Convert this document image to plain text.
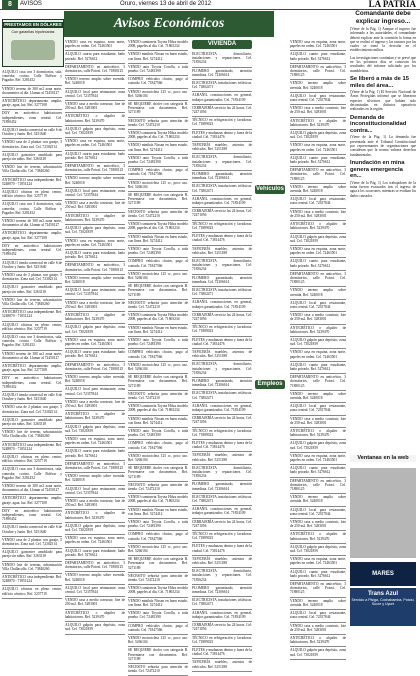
8	AVISOS	Oruro, viernes 13 de abril de 2012	LA PATRIA
Avisos Económicos
PRESTAMOS EN DÓLARES
Con garantías hipotecarias
ALQUILO casa con 3 dormitorios, sala, comedor, cocina. Calle Bolívar y Pagador. Ref. 5281452
VENDO terreno de 300 m2 zona norte, documentos al día. Llamar al 72450127
ANTICRÉTICO departamento amplio, garaje, agua, luz. Ref. 5277108
DOY en anticrético habitaciones independientes, zona central. Cel. 71890452
ALQUILO tienda comercial en calle 6 de Octubre y Junín. Ref. 5251640
VENDO casa de 2 plantas con garaje, 5 dormitorios. Zona sud. Cel. 72302514
ALQUILO garzonier amoblado para pareja sin niños. Ref. 5263318
VENDO lote de terreno, urbanización Villa Challacollo. Cel. 73840260
ANTICRÉTICO casa independiente. Ref. 5248870 - 71851224
ALQUILO oficinas en pleno centro, edificio céntrico. Ref. 5257719
ALQUILO casa con 3 dormitorios, sala, comedor, cocina. Calle Bolívar y Pagador. Ref. 5281452
VENDO terreno de 300 m2 zona norte, documentos al día. Llamar al 72450127
ANTICRÉTICO departamento amplio, garaje, agua, luz. Ref. 5277108
DOY en anticrético habitaciones independientes, zona central. Cel. 71890452
ALQUILO tienda comercial en calle 6 de Octubre y Junín. Ref. 5251640
VENDO casa de 2 plantas con garaje, 5 dormitorios. Zona sud. Cel. 72302514
ALQUILO garzonier amoblado para pareja sin niños. Ref. 5263318
VENDO lote de terreno, urbanización Villa Challacollo. Cel. 73840260
ANTICRÉTICO casa independiente. Ref. 5248870 - 71851224
ALQUILO oficinas en pleno centro, edificio céntrico. Ref. 5257719
ALQUILO casa con 3 dormitorios, sala, comedor, cocina. Calle Bolívar y Pagador. Ref. 5281452
VENDO terreno de 300 m2 zona norte, documentos al día. Llamar al 72450127
ANTICRÉTICO departamento amplio, garaje, agua, luz. Ref. 5277108
DOY en anticrético habitaciones independientes, zona central. Cel. 71890452
ALQUILO tienda comercial en calle 6 de Octubre y Junín. Ref. 5251640
VENDO casa de 2 plantas con garaje, 5 dormitorios. Zona sud. Cel. 72302514
ALQUILO garzonier amoblado para pareja sin niños. Ref. 5263318
VENDO lote de terreno, urbanización Villa Challacollo. Cel. 73840260
ANTICRÉTICO casa independiente. Ref. 5248870 - 71851224
ALQUILO oficinas en pleno centro, edificio céntrico. Ref. 5257719
ALQUILO casa con 3 dormitorios, sala, comedor, cocina. Calle Bolívar y Pagador. Ref. 5281452
VENDO terreno de 300 m2 zona norte, documentos al día. Llamar al 72450127
ANTICRÉTICO departamento amplio, garaje, agua, luz. Ref. 5277108
DOY en anticrético habitaciones independientes, zona central. Cel. 71890452
ALQUILO tienda comercial en calle 6 de Octubre y Junín. Ref. 5251640
VENDO casa de 2 plantas con garaje, 5 dormitorios. Zona sud. Cel. 72302514
ALQUILO garzonier amoblado para pareja sin niños. Ref. 5263318
VENDO lote de terreno, urbanización Villa Challacollo. Cel. 73840260
ANTICRÉTICO casa independiente. Ref. 5248870 - 71851224
ALQUILO oficinas en pleno centro, edificio céntrico. Ref. 5257719
VENDO casa en esquina, zona norte, papeles en orden. Cel. 72463501
ALQUILO cuarto para estudiante, baño privado. Ref. 5276612
DEPARTAMENTO en anticrético, 3 dormitorios, calle Potosí. Cel. 71880125
VENDO terreno amplio sobre avenida. Ref. 5240018
ALQUILO local para restaurante, zona central. Cel. 72357844
VENDO casa a medio construir, lote de 250 m2. Ref. 5283001
ANTICRÉTICO o alquiler de habitaciones. Ref. 5239470
ALQUILO galpón para depósito, zona sud. Cel. 73021859
VENDO casa en esquina, zona norte, papeles en orden. Cel. 72463501
ALQUILO cuarto para estudiante, baño privado. Ref. 5276612
DEPARTAMENTO en anticrético, 3 dormitorios, calle Potosí. Cel. 71880125
VENDO terreno amplio sobre avenida. Ref. 5240018
ALQUILO local para restaurante, zona central. Cel. 72357844
VENDO casa a medio construir, lote de 250 m2. Ref. 5283001
ANTICRÉTICO o alquiler de habitaciones. Ref. 5239470
ALQUILO galpón para depósito, zona sud. Cel. 73021859
VENDO casa en esquina, zona norte, papeles en orden. Cel. 72463501
ALQUILO cuarto para estudiante, baño privado. Ref. 5276612
DEPARTAMENTO en anticrético, 3 dormitorios, calle Potosí. Cel. 71880125
VENDO terreno amplio sobre avenida. Ref. 5240018
ALQUILO local para restaurante, zona central. Cel. 72357844
VENDO casa a medio construir, lote de 250 m2. Ref. 5283001
ANTICRÉTICO o alquiler de habitaciones. Ref. 5239470
ALQUILO galpón para depósito, zona sud. Cel. 73021859
VENDO casa en esquina, zona norte, papeles en orden. Cel. 72463501
ALQUILO cuarto para estudiante, baño privado. Ref. 5276612
DEPARTAMENTO en anticrético, 3 dormitorios, calle Potosí. Cel. 71880125
VENDO terreno amplio sobre avenida. Ref. 5240018
ALQUILO local para restaurante, zona central. Cel. 72357844
VENDO casa a medio construir, lote de 250 m2. Ref. 5283001
ANTICRÉTICO o alquiler de habitaciones. Ref. 5239470
ALQUILO galpón para depósito, zona sud. Cel. 73021859
VENDO casa en esquina, zona norte, papeles en orden. Cel. 72463501
ALQUILO cuarto para estudiante, baño privado. Ref. 5276612
DEPARTAMENTO en anticrético, 3 dormitorios, calle Potosí. Cel. 71880125
VENDO terreno amplio sobre avenida. Ref. 5240018
ALQUILO local para restaurante, zona central. Cel. 72357844
VENDO casa a medio construir, lote de 250 m2. Ref. 5283001
ANTICRÉTICO o alquiler de habitaciones. Ref. 5239470
ALQUILO galpón para depósito, zona sud. Cel. 73021859
VENDO casa en esquina, zona norte, papeles en orden. Cel. 72463501
ALQUILO cuarto para estudiante, baño privado. Ref. 5276612
DEPARTAMENTO en anticrético, 3 dormitorios, calle Potosí. Cel. 71880125
VENDO terreno amplio sobre avenida. Ref. 5240018
ALQUILO local para restaurante, zona central. Cel. 72357844
VENDO casa a medio construir, lote de 250 m2. Ref. 5283001
ANTICRÉTICO o alquiler de habitaciones. Ref. 5239470
ALQUILO galpón para depósito, zona sud. Cel. 73021859
VENDO camioneta Toyota Hilux modelo 2008, papeles al día. Cel. 71865234
VENDO minibús Nissan en buen estado, con línea. Ref. 5274412
VENDO auto Toyota Corolla, a toda prueba. Cel. 72481390
COMPRO vehículos chutos, pago al contado. Cel. 71847566
VENDO motocicleta 125 cc, poco uso. Ref. 5266104
SE REQUIERE chofer con categoría B. Presentarse con documentos. Ref. 5271189
NECESITO señorita para atención de tienda. Cel. 72472210
VENDO camioneta Toyota Hilux modelo 2008, papeles al día. Cel. 71865234
VENDO minibús Nissan en buen estado, con línea. Ref. 5274412
VENDO auto Toyota Corolla, a toda prueba. Cel. 72481390
COMPRO vehículos chutos, pago al contado. Cel. 71847566
VENDO motocicleta 125 cc, poco uso. Ref. 5266104
SE REQUIERE chofer con categoría B. Presentarse con documentos. Ref. 5271189
NECESITO señorita para atención de tienda. Cel. 72472210
VENDO camioneta Toyota Hilux modelo 2008, papeles al día. Cel. 71865234
VENDO minibús Nissan en buen estado, con línea. Ref. 5274412
VENDO auto Toyota Corolla, a toda prueba. Cel. 72481390
COMPRO vehículos chutos, pago al contado. Cel. 71847566
VENDO motocicleta 125 cc, poco uso. Ref. 5266104
SE REQUIERE chofer con categoría B. Presentarse con documentos. Ref. 5271189
NECESITO señorita para atención de tienda. Cel. 72472210
VENDO camioneta Toyota Hilux modelo 2008, papeles al día. Cel. 71865234
VENDO minibús Nissan en buen estado, con línea. Ref. 5274412
VENDO auto Toyota Corolla, a toda prueba. Cel. 72481390
COMPRO vehículos chutos, pago al contado. Cel. 71847566
VENDO motocicleta 125 cc, poco uso. Ref. 5266104
SE REQUIERE chofer con categoría B. Presentarse con documentos. Ref. 5271189
NECESITO señorita para atención de tienda. Cel. 72472210
VENDO camioneta Toyota Hilux modelo 2008, papeles al día. Cel. 71865234
VENDO minibús Nissan en buen estado, con línea. Ref. 5274412
VENDO auto Toyota Corolla, a toda prueba. Cel. 72481390
COMPRO vehículos chutos, pago al contado. Cel. 71847566
VENDO motocicleta 125 cc, poco uso. Ref. 5266104
SE REQUIERE chofer con categoría B. Presentarse con documentos. Ref. 5271189
NECESITO señorita para atención de tienda. Cel. 72472210
VENDO camioneta Toyota Hilux modelo 2008, papeles al día. Cel. 71865234
VENDO minibús Nissan en buen estado, con línea. Ref. 5274412
VENDO auto Toyota Corolla, a toda prueba. Cel. 72481390
COMPRO vehículos chutos, pago al contado. Cel. 71847566
VENDO motocicleta 125 cc, poco uso. Ref. 5266104
SE REQUIERE chofer con categoría B. Presentarse con documentos. Ref. 5271189
NECESITO señorita para atención de tienda. Cel. 72472210
VENDO camioneta Toyota Hilux modelo 2008, papeles al día. Cel. 71865234
VENDO minibús Nissan en buen estado, con línea. Ref. 5274412
VENDO auto Toyota Corolla, a toda prueba. Cel. 72481390
COMPRO vehículos chutos, pago al contado. Cel. 71847566
VENDO motocicleta 125 cc, poco uso. Ref. 5266104
SE REQUIERE chofer con categoría B. Presentarse con documentos. Ref. 5271189
NECESITO señorita para atención de tienda. Cel. 72472210
VIVIENDA
ELECTRICISTA domiciliario, instalaciones y reparaciones. Cel. 71856234
PLOMERO garantizado, atención inmediata. Cel. 72306614
ELECTRICISTA instalaciones trifásicas. Cel. 73802471
ALBAÑIL construcciones en general, trabajos garantizados. Cel. 71854109
CERRAJERÍA servicio las 24 horas. Cel. 72471056
TÉCNICO en refrigeración y lavadoras. Cel. 71889023
FLETES y mudanzas dentro y fuera de la ciudad. Cel. 73814476
TAPICERÍA muebles, asientos de vehículos. Ref. 5251188
ELECTRICISTA domiciliario, instalaciones y reparaciones. Cel. 71856234
PLOMERO garantizado, atención inmediata. Cel. 72306614
ELECTRICISTA instalaciones trifásicas. Cel. 73802471
ALBAÑIL construcciones en general, trabajos garantizados. Cel. 71854109
CERRAJERÍA servicio las 24 horas. Cel. 72471056
TÉCNICO en refrigeración y lavadoras. Cel. 71889023
FLETES y mudanzas dentro y fuera de la ciudad. Cel. 73814476
TAPICERÍA muebles, asientos de vehículos. Ref. 5251188
ELECTRICISTA domiciliario, instalaciones y reparaciones. Cel. 71856234
PLOMERO garantizado, atención inmediata. Cel. 72306614
ELECTRICISTA instalaciones trifásicas. Cel. 73802471
ALBAÑIL construcciones en general, trabajos garantizados. Cel. 71854109
CERRAJERÍA servicio las 24 horas. Cel. 72471056
TÉCNICO en refrigeración y lavadoras. Cel. 71889023
FLETES y mudanzas dentro y fuera de la ciudad. Cel. 73814476
TAPICERÍA muebles, asientos de vehículos. Ref. 5251188
ELECTRICISTA domiciliario, instalaciones y reparaciones. Cel. 71856234
PLOMERO garantizado, atención inmediata. Cel. 72306614
ELECTRICISTA instalaciones trifásicas. Cel. 73802471
ALBAÑIL construcciones en general, trabajos garantizados. Cel. 71854109
CERRAJERÍA servicio las 24 horas. Cel. 72471056
TÉCNICO en refrigeración y lavadoras. Cel. 71889023
FLETES y mudanzas dentro y fuera de la ciudad. Cel. 73814476
TAPICERÍA muebles, asientos de vehículos. Ref. 5251188
ELECTRICISTA domiciliario, instalaciones y reparaciones. Cel. 71856234
PLOMERO garantizado, atención inmediata. Cel. 72306614
ELECTRICISTA instalaciones trifásicas. Cel. 73802471
ALBAÑIL construcciones en general, trabajos garantizados. Cel. 71854109
CERRAJERÍA servicio las 24 horas. Cel. 72471056
TÉCNICO en refrigeración y lavadoras. Cel. 71889023
FLETES y mudanzas dentro y fuera de la ciudad. Cel. 73814476
TAPICERÍA muebles, asientos de vehículos. Ref. 5251188
ELECTRICISTA domiciliario, instalaciones y reparaciones. Cel. 71856234
PLOMERO garantizado, atención inmediata. Cel. 72306614
ELECTRICISTA instalaciones trifásicas. Cel. 73802471
ALBAÑIL construcciones en general, trabajos garantizados. Cel. 71854109
CERRAJERÍA servicio las 24 horas. Cel. 72471056
TÉCNICO en refrigeración y lavadoras. Cel. 71889023
FLETES y mudanzas dentro y fuera de la ciudad. Cel. 73814476
TAPICERÍA muebles, asientos de vehículos. Ref. 5251188
Vehículos
Empleos
VENDO casa en esquina, zona norte, papeles en orden. Cel. 72463501
ALQUILO cuarto para estudiante, baño privado. Ref. 5276612
DEPARTAMENTO en anticrético, 3 dormitorios, calle Potosí. Cel. 71880125
VENDO terreno amplio sobre avenida. Ref. 5240018
ALQUILO local para restaurante, zona central. Cel. 72357844
VENDO casa a medio construir, lote de 250 m2. Ref. 5283001
ANTICRÉTICO o alquiler de habitaciones. Ref. 5239470
ALQUILO galpón para depósito, zona sud. Cel. 73021859
VENDO casa en esquina, zona norte, papeles en orden. Cel. 72463501
ALQUILO cuarto para estudiante, baño privado. Ref. 5276612
DEPARTAMENTO en anticrético, 3 dormitorios, calle Potosí. Cel. 71880125
VENDO terreno amplio sobre avenida. Ref. 5240018
ALQUILO local para restaurante, zona central. Cel. 72357844
VENDO casa a medio construir, lote de 250 m2. Ref. 5283001
ANTICRÉTICO o alquiler de habitaciones. Ref. 5239470
ALQUILO galpón para depósito, zona sud. Cel. 73021859
VENDO casa en esquina, zona norte, papeles en orden. Cel. 72463501
ALQUILO cuarto para estudiante, baño privado. Ref. 5276612
DEPARTAMENTO en anticrético, 3 dormitorios, calle Potosí. Cel. 71880125
VENDO terreno amplio sobre avenida. Ref. 5240018
ALQUILO local para restaurante, zona central. Cel. 72357844
VENDO casa a medio construir, lote de 250 m2. Ref. 5283001
ANTICRÉTICO o alquiler de habitaciones. Ref. 5239470
ALQUILO galpón para depósito, zona sud. Cel. 73021859
VENDO casa en esquina, zona norte, papeles en orden. Cel. 72463501
ALQUILO cuarto para estudiante, baño privado. Ref. 5276612
DEPARTAMENTO en anticrético, 3 dormitorios, calle Potosí. Cel. 71880125
VENDO terreno amplio sobre avenida. Ref. 5240018
ALQUILO local para restaurante, zona central. Cel. 72357844
VENDO casa a medio construir, lote de 250 m2. Ref. 5283001
ANTICRÉTICO o alquiler de habitaciones. Ref. 5239470
ALQUILO galpón para depósito, zona sud. Cel. 73021859
VENDO casa en esquina, zona norte, papeles en orden. Cel. 72463501
ALQUILO cuarto para estudiante, baño privado. Ref. 5276612
DEPARTAMENTO en anticrético, 3 dormitorios, calle Potosí. Cel. 71880125
VENDO terreno amplio sobre avenida. Ref. 5240018
ALQUILO local para restaurante, zona central. Cel. 72357844
VENDO casa a medio construir, lote de 250 m2. Ref. 5283001
ANTICRÉTICO o alquiler de habitaciones. Ref. 5239470
ALQUILO galpón para depósito, zona sud. Cel. 73021859
VENDO casa en esquina, zona norte, papeles en orden. Cel. 72463501
ALQUILO cuarto para estudiante, baño privado. Ref. 5276612
DEPARTAMENTO en anticrético, 3 dormitorios, calle Potosí. Cel. 71880125
VENDO terreno amplio sobre avenida. Ref. 5240018
ALQUILO local para restaurante, zona central. Cel. 72357844
VENDO casa a medio construir, lote de 250 m2. Ref. 5283001
ANTICRÉTICO o alquiler de habitaciones. Ref. 5239470
ALQUILO galpón para depósito, zona sud. Cel. 73021859
Comandante debe explicar ingreso...
(Viene de la Pág. 1) Aunque el ingreso fue informado a las autoridades, el comandante deberá explicar ante la comisión la forma en que se realizó el ingreso y las razones por las cuales se tomó la decisión en el establecimiento militar.
Las investigaciones continúan y se prevé que en los próximos días se conozcan los resultados del informe solicitado por los asambleístas.
Se liberó a más de 15 miles del área...
(Viene de la Pág. 1) El Servicio Nacional de Áreas Protegidas informó que se liberaron especies silvestres que habían sido decomisadas en distintos operativos realizados en la región.
Demanda de inconstitucionalidad contra...
(Viene de la Pág. 1) La demanda fue presentada ante el Tribunal Constitucional por representantes de organizaciones que consideran que la norma vulnera derechos fundamentales.
Inundación en mina genera emergencia en...
(Viene de la Pág. 1) Los trabajadores de la mina fueron evacuados tras el ingreso de agua a los socavones, mientras se evalúan los daños causados.
Ventanas en la web
MARES
Trans Azul
Servicio a Pisiga, Cochabamba, Potosí, Sucre y Uyuni
